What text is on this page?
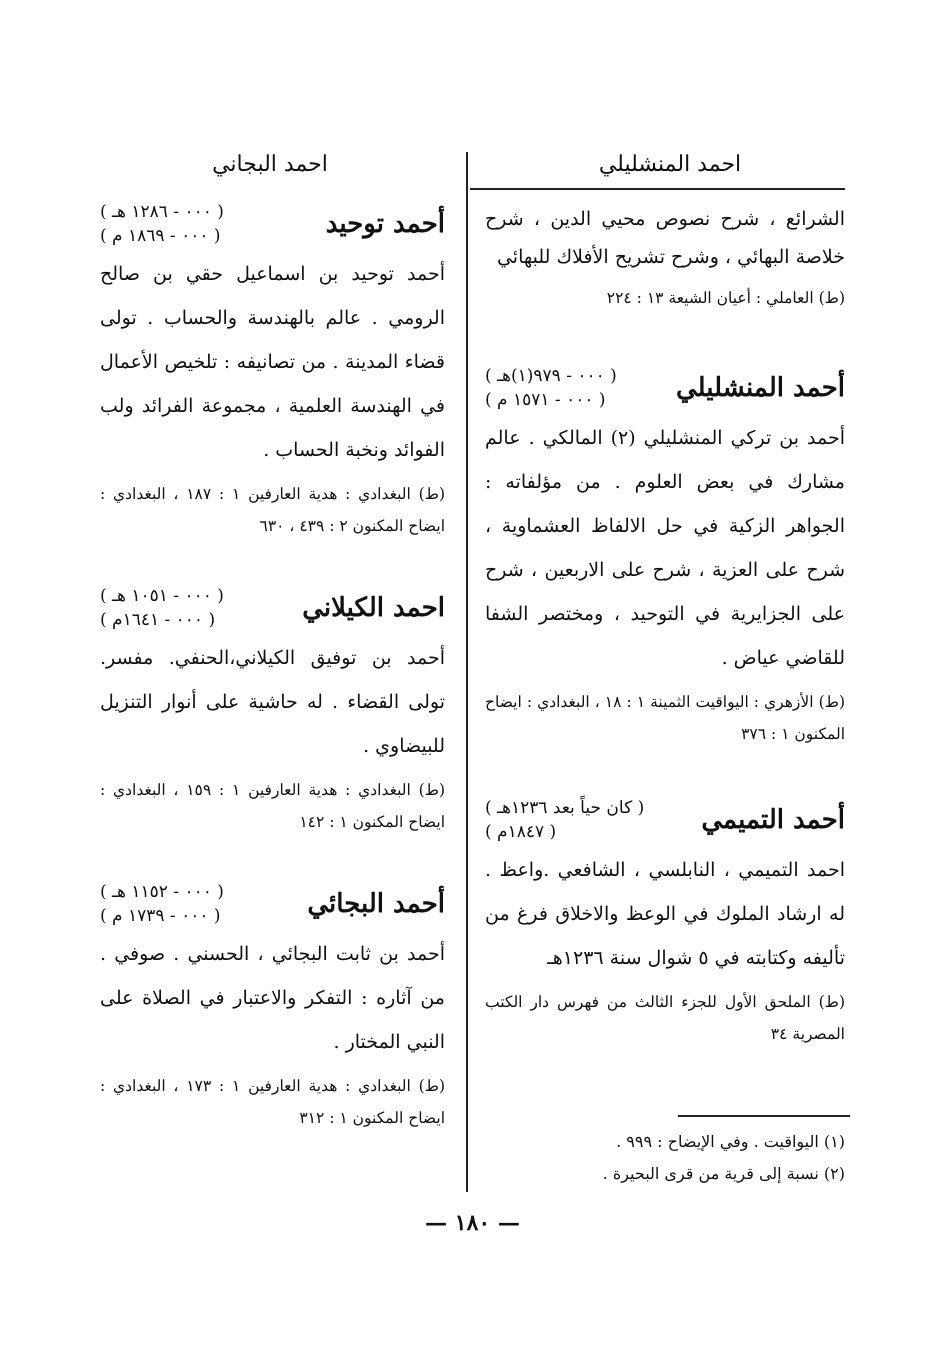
احمد المنشليلي
احمد البجاني

الشرائع ، شرح نصوص محيي الدين ، شرح خلاصة البهائي ، وشرح تشريح الأفلاك للبهائي

(ط) العاملي : أعيان الشيعة ١٣ : ٢٢٤

أحمد المنشليلي
( ٠٠٠ - ٩٧٩(١)هـ )
( ٠٠٠ - ١٥٧١ م )

أحمد بن تركي المنشليلي (٢) المالكي . عالم مشارك في بعض العلوم . من مؤلفاته : الجواهر الزكية في حل الالفاظ العشماوية ، شرح على العزية ، شرح على الاربعين ، شرح على الجزايرية في التوحيد ، ومختصر الشفا للقاضي عياض .

(ط) الأزهري : اليواقيت الثمينة ١ : ١٨ ، البغدادي : ايضاح المكنون ١ : ٣٧٦

أحمد التميمي
( كان حياً بعد ١٢٣٦هـ )
( ١٨٤٧م )

احمد التميمي ، النابلسي ، الشافعي .واعظ . له ارشاد الملوك في الوعظ والاخلاق فرغ من تأليفه وكتابته في ٥ شوال سنة ١٢٣٦هـ

(ط) الملحق الأول للجزء الثالث من فهرس دار الكتب المصرية ٣٤

أحمد توحيد
( ٠٠٠ - ١٢٨٦ هـ )
( ٠٠٠ - ١٨٦٩ م )

أحمد توحيد بن اسماعيل حقي بن صالح الرومي . عالم بالهندسة والحساب . تولى قضاء المدينة . من تصانيفه : تلخيص الأعمال في الهندسة العلمية ، مجموعة الفرائد ولب الفوائد ونخبة الحساب .

(ط) البغدادي : هدية العارفين ١ : ١٨٧ ، البغدادي : ايضاح المكنون ٢ : ٤٣٩ ، ٦٣٠

احمد الكيلاني
( ٠٠٠ - ١٠٥١ هـ )
( ٠٠٠ - ١٦٤١م )

أحمد بن توفيق الكيلاني،الحنفي. مفسر. تولى القضاء . له حاشية على أنوار التنزيل للبيضاوي .

(ط) البغدادي : هدية العارفين ١ : ١٥٩ ، البغدادي : ايضاح المكنون ١ : ١٤٢

أحمد البجائي
( ٠٠٠ - ١١٥٢ هـ )
( ٠٠٠ - ١٧٣٩ م )

أحمد بن ثابت البجائي ، الحسني . صوفي . من آثاره : التفكر والاعتبار في الصلاة على النبي المختار .

(ط) البغدادي : هدية العارفين ١ : ١٧٣ ، البغدادي : ايضاح المكنون ١ : ٣١٢

(١) اليواقيت . وفي الإيضاح : ٩٩٩ .
(٢) نسبة إلى قرية من قرى البحيرة .
— ١٨٠ —
